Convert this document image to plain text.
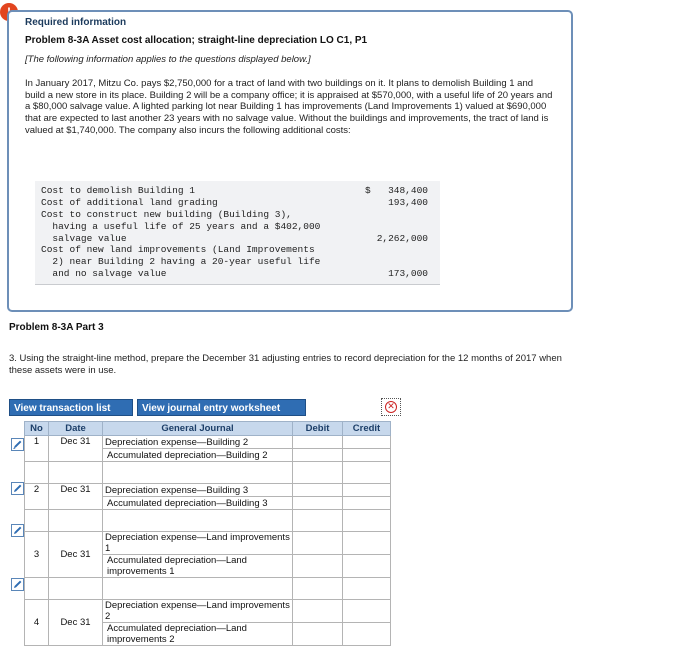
Required information
Problem 8-3A Asset cost allocation; straight-line depreciation LO C1, P1
[The following information applies to the questions displayed below.]
In January 2017, Mitzu Co. pays $2,750,000 for a tract of land with two buildings on it. It plans to demolish Building 1 and build a new store in its place. Building 2 will be a company office; it is appraised at $570,000, with a useful life of 20 years and a $80,000 salvage value. A lighted parking lot near Building 1 has improvements (Land Improvements 1) valued at $690,000 that are expected to last another 23 years with no salvage value. Without the buildings and improvements, the tract of land is valued at $1,740,000. The company also incurs the following additional costs:
Cost to demolish Building 1	$ 348,400
Cost of additional land grading	193,400
Cost to construct new building (Building 3),
having a useful life of 25 years and a $402,000
salvage value	2,262,000
Cost of new land improvements (Land Improvements
2) near Building 2 having a 20-year useful life
and no salvage value	173,000
Problem 8-3A Part 3
3. Using the straight-line method, prepare the December 31 adjusting entries to record depreciation for the 12 months of 2017 when these assets were in use.
View transaction list	View journal entry worksheet	✕
No	Date	General Journal	Debit	Credit
1	Dec 31	Depreciation expense—Building 2		
		Accumulated depreciation—Building 2		

2	Dec 31	Depreciation expense—Building 3		
		Accumulated depreciation—Building 3		

3	Dec 31	Depreciation expense—Land improvements 1		
		Accumulated depreciation—Land improvements 1		

4	Dec 31	Depreciation expense—Land improvements 2		
		Accumulated depreciation—Land improvements 2		
